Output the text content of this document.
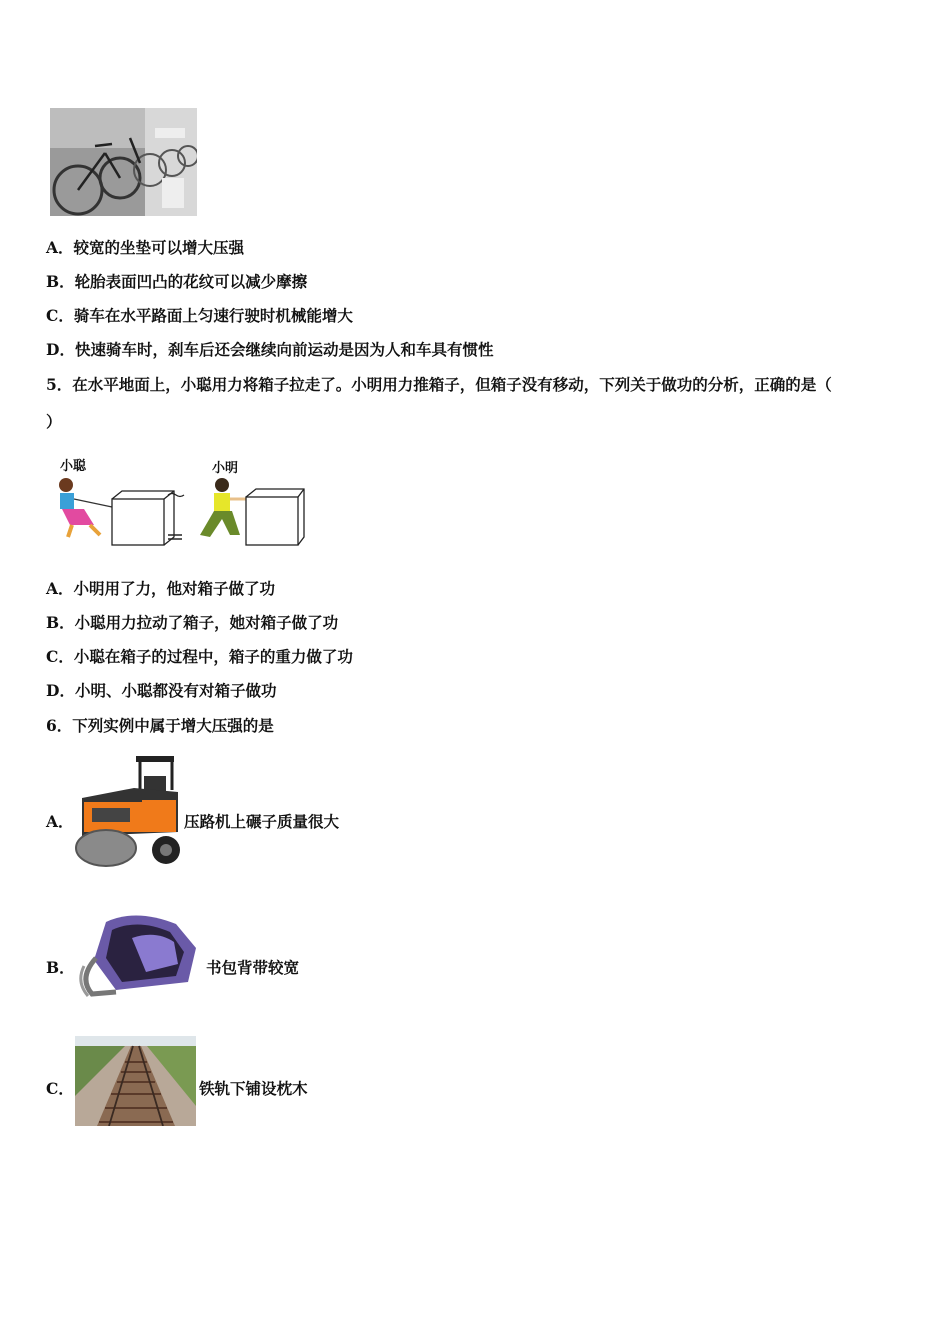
A．较宽的坐垫可以增大压强
B．轮胎表面凹凸的花纹可以减少摩擦
C．骑车在水平路面上匀速行驶时机械能增大
D．快速骑车时，刹车后还会继续向前运动是因为人和车具有惯性
5．在水平地面上，小聪用力将箱子拉走了。小明用力推箱子，但箱子没有移动，下列关于做功的分析，正确的是（
）
小聪	小明
A．小明用了力，他对箱子做了功
B．小聪用力拉动了箱子，她对箱子做了功
C．小聪在箱子的过程中，箱子的重力做了功
D．小明、小聪都没有对箱子做功
6．下列实例中属于增大压强的是
A．	压路机上碾子质量很大
B．	书包背带较宽
C．	铁轨下铺设枕木
